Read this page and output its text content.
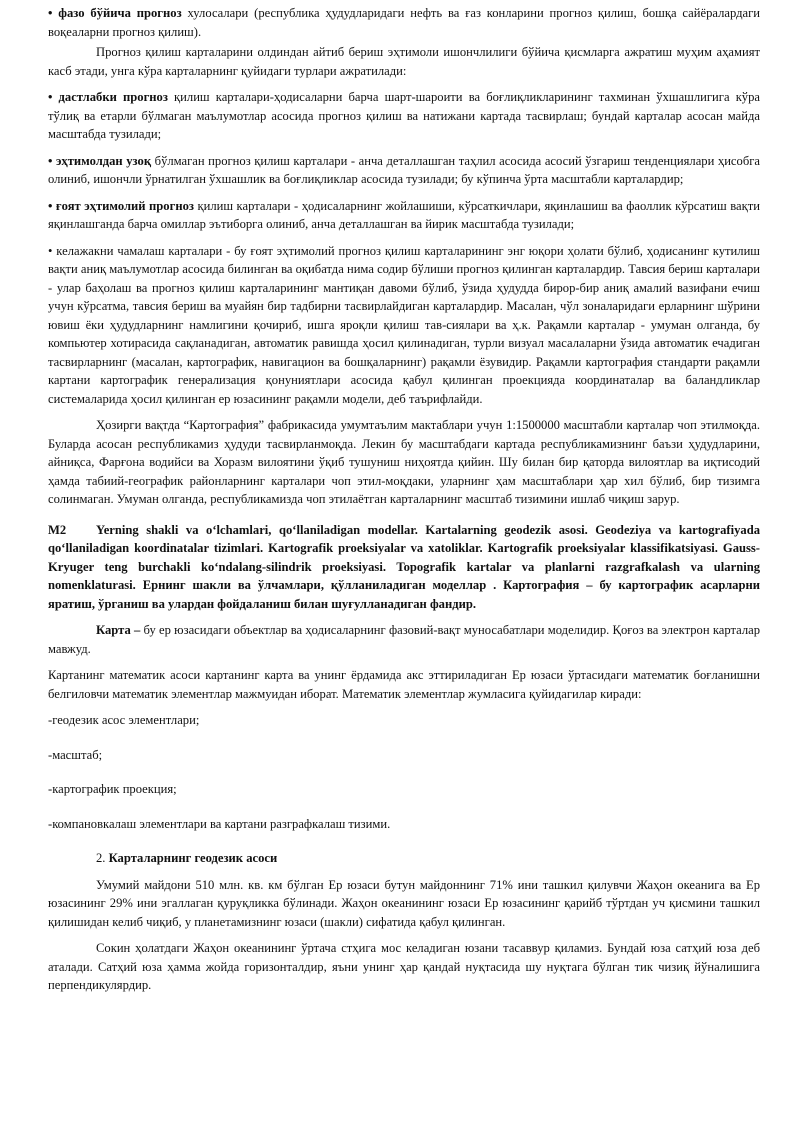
• фазо бўйича прогноз хулосалари (республика ҳудудларидаги нефть ва ғаз конларини прогноз қилиш, бошқа сайёралардаги воқеаларни прогноз қилиш).

Прогноз қилиш карталарини олдиндан айтиб бериш эҳтимоли ишончлилиги бўйича қисмларга ажратиш муҳим аҳамият касб этади, унга кўра карталарнинг қуйидаги турлари ажратилади:

• дастлабки прогноз қилиш карталари-ҳодисаларни барча шарт-шароити ва боғлиқликларининг тахминан ўхшашлигига кўра тўлиқ ва етарли бўлмаган маълумотлар асосида прогноз қилиш ва натижани картада тасвирлаш; бундай карталар асосан майда масштабда тузилади;

• эҳтимолдан узоқ бўлмаган прогноз қилиш карталари - анча деталлашган таҳлил асосида асосий ўзгариш тенденциялари ҳисобга олиниб, ишончли ўрнатилган ўхшашлик ва боғлиқликлар асосида тузилади; бу кўпинча ўрта масштабли карталардир;

• ғоят эҳтимолий прогноз қилиш карталари - ҳодисаларнинг жойлашиши, кўрсаткичлари, яқинлашиш ва фаоллик кўрсатиш вақти яқинлашганда барча омиллар эътиборга олиниб, анча деталлашган ва йирик масштабда тузилади;

• келажакни чамалаш карталари - бу ғоят эҳтимолий прогноз қилиш карталарининг энг юқори ҳолати бўлиб, ҳодисанинг кутилиш вақти аниқ маълумотлар асосида билинган ва оқибатда нима содир бўлиши прогноз қилинган карталардир. Тавсия бериш карталари - улар баҳолаш ва прогноз қилиш карталарининг мантиқан давоми бўлиб, ўзида ҳудудда бирор-бир аниқ амалий вазифани ечиш учун кўрсатма, тавсия бериш ва муайян бир тадбирни тасвирлайдиган карталардир. Масалан, чўл зоналаридаги ерларнинг шўрини ювиш ёки ҳудудларнинг намлигини қочириб, ишга яроқли қилиш тав-сиялари ва ҳ.к. Рақамли карталар - умуман олганда, бу компьютер хотирасида сақланадиган, автоматик равишда ҳосил қилинадиган, турли визуал масалаларни ўзида автоматик ечадиган тасвирларнинг (масалан, картографик, навигацион ва бошқаларнинг) рақамли ёзувидир. Рақамли картография стандарти рақамли картани картографик генерализация қонуниятлари асосида қабул қилинган проекцияда координаталар ва баландликлар системаларида ҳосил қилинган ер юзасининг рақамли модели, деб таърифлайди.

Ҳозирги вақтда “Картография” фабрикасида умумтаълим мактаблари учун 1:1500000 масштабли карталар чоп этилмоқда. Буларда асосан республикамиз ҳудуди тасвирланмоқда. Лекин бу масштабдаги картада республикамизнинг баъзи ҳудудларини, айниқса, Фарғона водийси ва Хоразм вилоятини ўқиб тушуниш ниҳоятда қийин. Шу билан бир қаторда вилоятлар ва иқтисодий ҳамда табиий-географик районларнинг карталари чоп этил-моқдаки, уларнинг ҳам масштаблари ҳар хил бўлиб, бир тизимга солинмаган. Умуман олганда, республикамизда чоп этилаётган карталарнинг масштаб тизимини ишлаб чиқиш зарур.

M2 Yerning shakli va oʻlchamlari, qoʻllaniladigan modellar. Kartalarning geodezik asosi. Geodeziya va kartografiyada qoʻllaniladigan koordinatalar tizimlari. Kartografik proeksiyalar va xatoliklar. Kartografik proeksiyalar klassifikatsiyasi. Gauss-Kryuger teng burchakli koʻndalang-silindrik proeksiyasi. Topografik kartalar va planlarni razgrafkalash va ularning nomenklaturasi. Ернинг шакли ва ўлчамлари, қўлланиладиган моделлар . Картография – бу картографик асарларни яратиш, ўрганиш ва улардан фойдаланиш билан шуғулланадиган фандир.

Карта – бу ер юзасидаги объектлар ва ҳодисаларнинг фазовий-вақт муносабатлари моделидир. Қоғоз ва электрон карталар мавжуд.

Картанинг математик асоси картанинг карта ва унинг ёрдамида акс эттириладиган Ер юзаси ўртасидаги математик боғланишни белгиловчи математик элементлар мажмуидан иборат. Математик элементлар жумласига қуйидагилар киради:

-геодезик асос элементлари;

-масштаб;

-картографик проекция;

-компановкалаш элементлари ва картани разграфкалаш тизими.

2. Карталарнинг геодезик асоси

Умумий майдони 510 млн. кв. км бўлган Ер юзаси бутун майдоннинг 71% ини ташкил қилувчи Жаҳон океанига ва Ер юзасининг 29% ини эгаллаган қуруқликка бўлинади. Жаҳон океанининг юзаси Ер юзасининг қарийб тўртдан уч қисмини ташкил қилишидан келиб чиқиб, у планетамизнинг юзаси (шакли) сифатида қабул қилинган.

Сокин ҳолатдаги Жаҳон океанининг ўртача стҳига мос келадиган юзани тасаввур қиламиз. Бундай юза сатҳий юза деб аталади. Сатҳий юза ҳамма жойда горизонталдир, яъни унинг ҳар қандай нуқтасида шу нуқтага бўлган тик чизиқ йўналишига перпендикулярдир.
